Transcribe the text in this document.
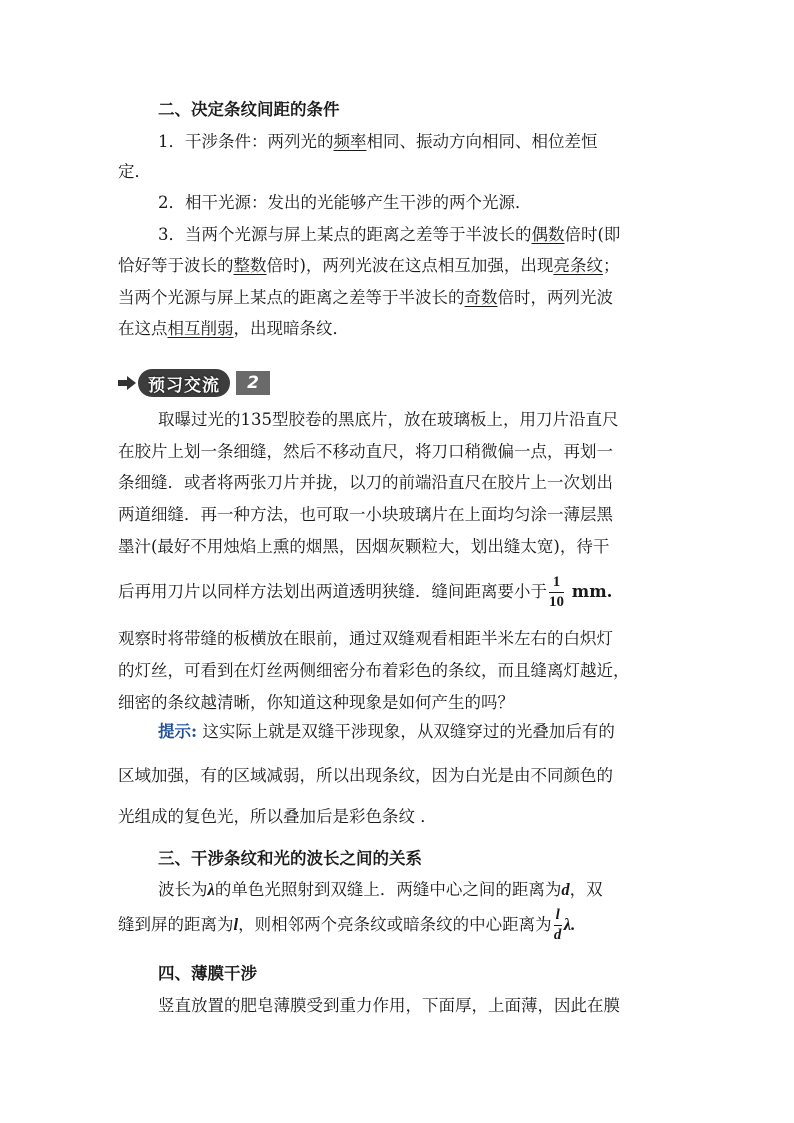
二、决定条纹间距的条件
1．干涉条件：两列光的频率相同、振动方向相同、相位差恒
定．
2．相干光源：发出的光能够产生干涉的两个光源．
3．当两个光源与屏上某点的距离之差等于半波长的偶数倍时(即
恰好等于波长的整数倍时)，两列光波在这点相互加强，出现亮条纹；
当两个光源与屏上某点的距离之差等于半波长的奇数倍时，两列光波
在这点相互削弱，出现暗条纹．
预习交流	2
取曝过光的135型胶卷的黑底片，放在玻璃板上，用刀片沿直尺
在胶片上划一条细缝，然后不移动直尺，将刀口稍微偏一点，再划一
条细缝．或者将两张刀片并拢，以刀的前端沿直尺在胶片上一次划出
两道细缝．再一种方法，也可取一小块玻璃片在上面均匀涂一薄层黑
墨汁(最好不用烛焰上熏的烟黑，因烟灰颗粒大，划出缝太宽)，待干
后再用刀片以同样方法划出两道透明狭缝．缝间距离要小于 $\frac{1}{10}$ mm.
观察时将带缝的板横放在眼前，通过双缝观看相距半米左右的白炽灯
的灯丝，可看到在灯丝两侧细密分布着彩色的条纹，而且缝离灯越近，
细密的条纹越清晰，你知道这种现象是如何产生的吗？
提示: 这实际上就是双缝干涉现象，从双缝穿过的光叠加后有的
区域加强，有的区域减弱，所以出现条纹，因为白光是由不同颜色的
光组成的复色光，所以叠加后是彩色条纹 ．
三、干涉条纹和光的波长之间的关系
波长为λ的单色光照射到双缝上．两缝中心之间的距离为d，双
缝到屏的距离为l，则相邻两个亮条纹或暗条纹的中心距离为 $\frac{l}{d} \lambda$.
四、薄膜干涉
竖直放置的肥皂薄膜受到重力作用，下面厚，上面薄，因此在膜
